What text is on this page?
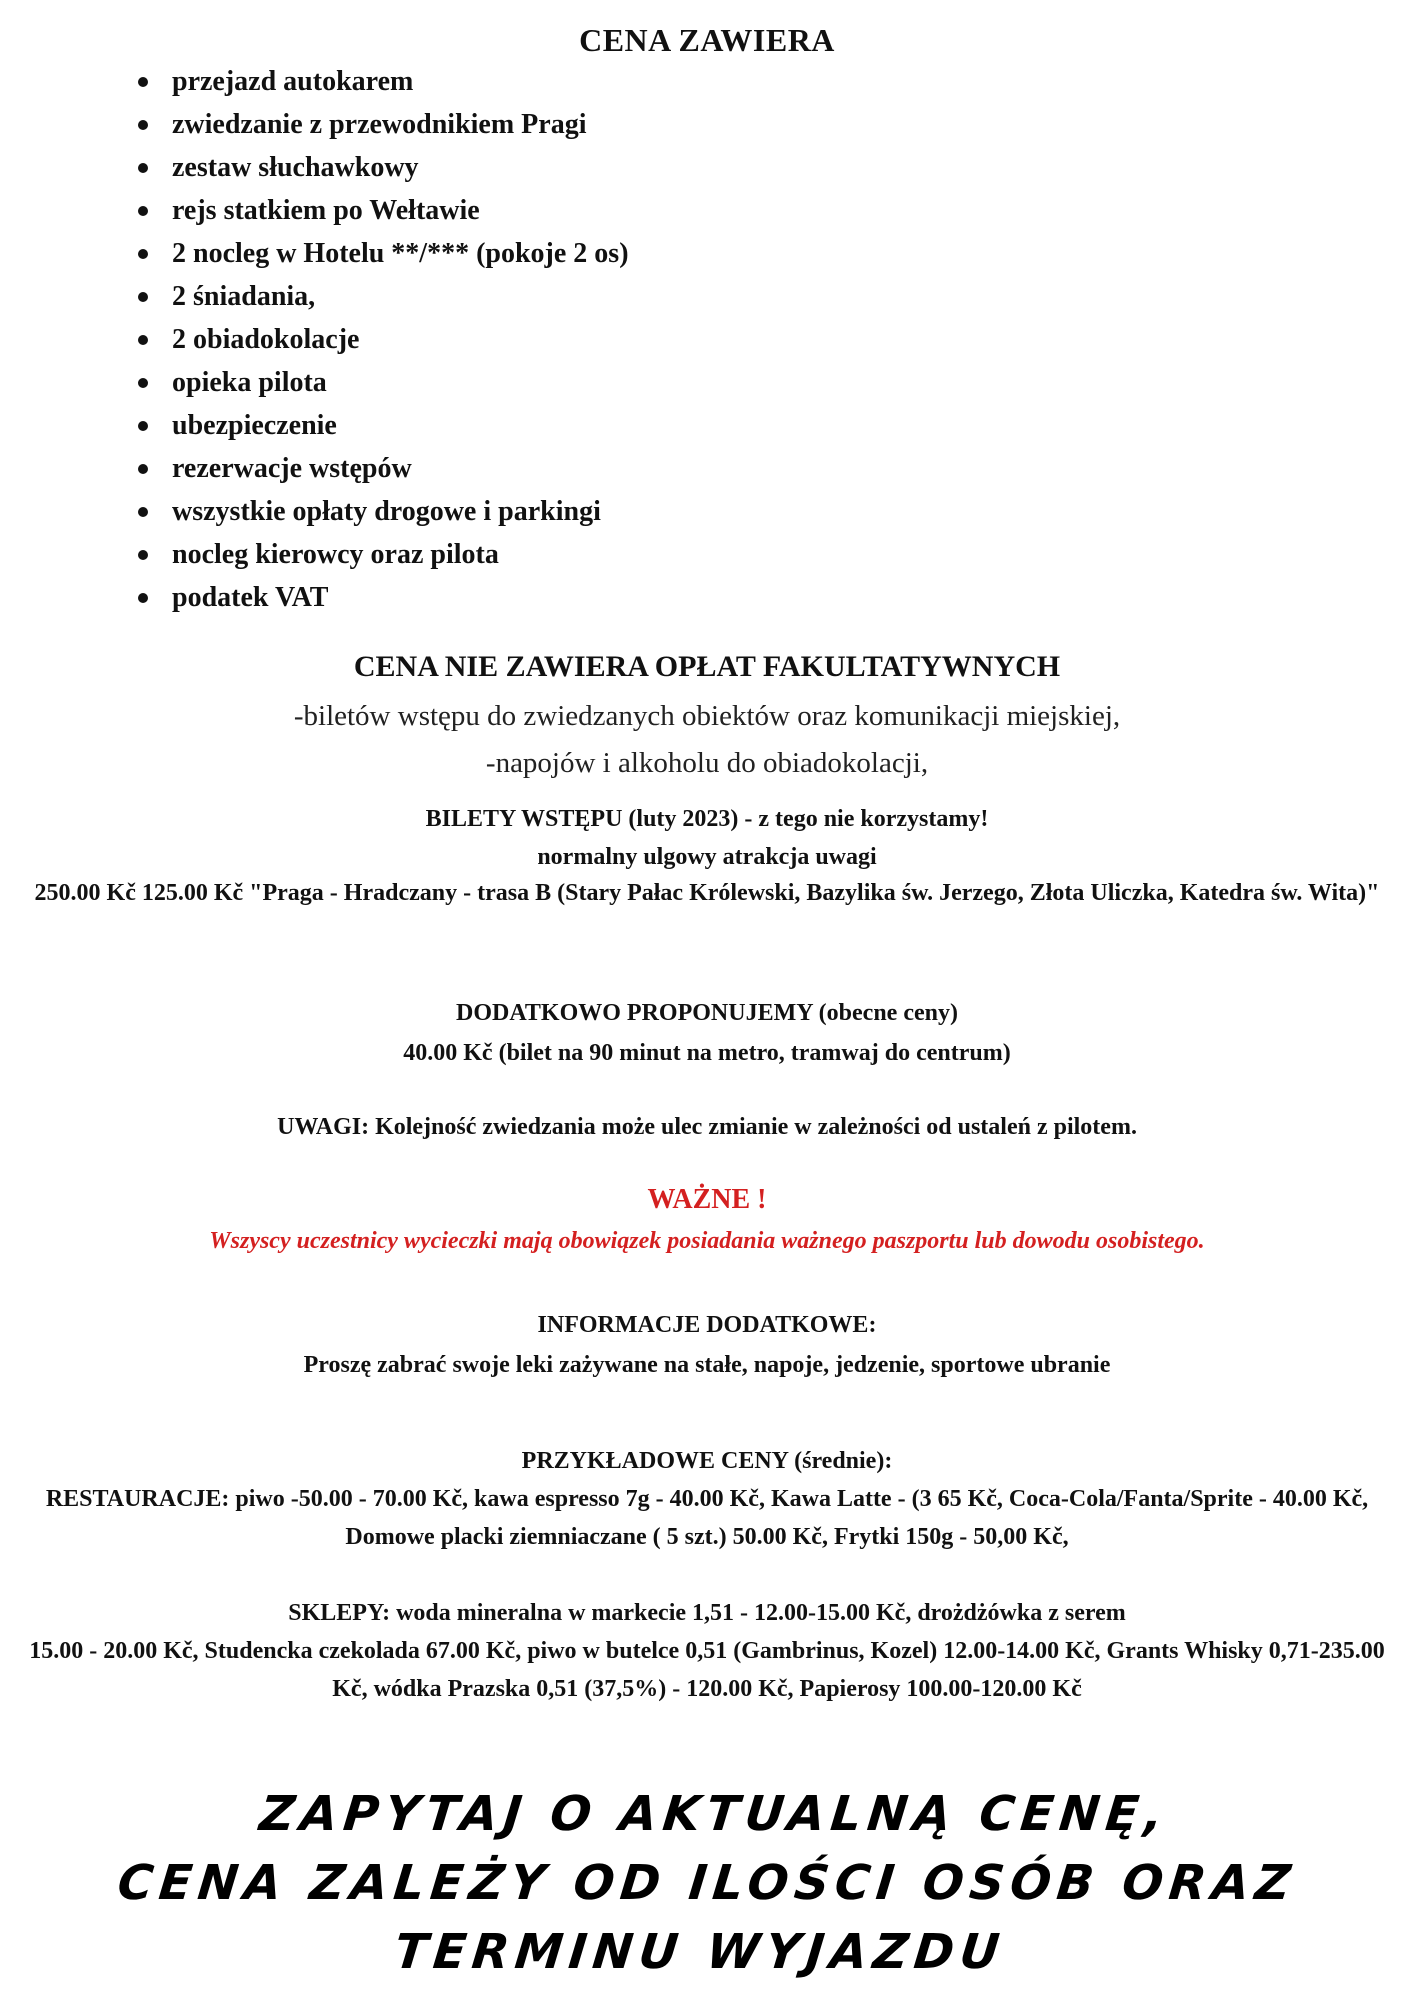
CENA ZAWIERA
przejazd autokarem
zwiedzanie z przewodnikiem Pragi
zestaw słuchawkowy
rejs statkiem po Wełtawie
2 nocleg w Hotelu **/*** (pokoje 2 os)
2 śniadania,
2 obiadokolacje
opieka pilota
ubezpieczenie
rezerwacje wstępów
wszystkie opłaty drogowe i parkingi
nocleg kierowcy oraz pilota
podatek VAT
CENA NIE ZAWIERA OPŁAT FAKULTATYWNYCH
-biletów wstępu do zwiedzanych obiektów oraz komunikacji miejskiej,
-napojów i alkoholu do obiadokolacji,
BILETY WSTĘPU (luty 2023) - z tego nie korzystamy!
normalny ulgowy atrakcja uwagi
250.00 Kč 125.00 Kč "Praga - Hradczany - trasa B (Stary Pałac Królewski, Bazylika św. Jerzego, Złota Uliczka, Katedra św. Wita)"
DODATKOWO PROPONUJEMY (obecne ceny)
40.00 Kč (bilet na 90 minut na metro, tramwaj do centrum)
UWAGI: Kolejność zwiedzania może ulec zmianie w zależności od ustaleń z pilotem.
WAŻNE !
Wszyscy uczestnicy wycieczki mają obowiązek posiadania ważnego paszportu lub dowodu osobistego.
INFORMACJE DODATKOWE:
Proszę zabrać swoje leki zażywane na stałe, napoje, jedzenie, sportowe ubranie
PRZYKŁADOWE CENY (średnie):
RESTAURACJE: piwo -50.00 - 70.00 Kč, kawa espresso 7g - 40.00 Kč, Kawa Latte - (3 65 Kč, Coca-Cola/Fanta/Sprite - 40.00 Kč, Domowe placki ziemniaczane ( 5 szt.) 50.00 Kč, Frytki 150g - 50,00 Kč,
SKLEPY: woda mineralna w markecie 1,51 - 12.00-15.00 Kč, drożdżówka z serem
15.00 - 20.00 Kč, Studencka czekolada 67.00 Kč, piwo w butelce 0,51 (Gambrinus, Kozel) 12.00-14.00 Kč, Grants Whisky 0,71-235.00 Kč, wódka Prazska 0,51 (37,5%) - 120.00 Kč, Papierosy 100.00-120.00 Kč
ZAPYTAJ O AKTUALNĄ CENĘ,
CENA ZALEŻY OD ILOŚCI OSÓB ORAZ
TERMINU WYJAZDU
